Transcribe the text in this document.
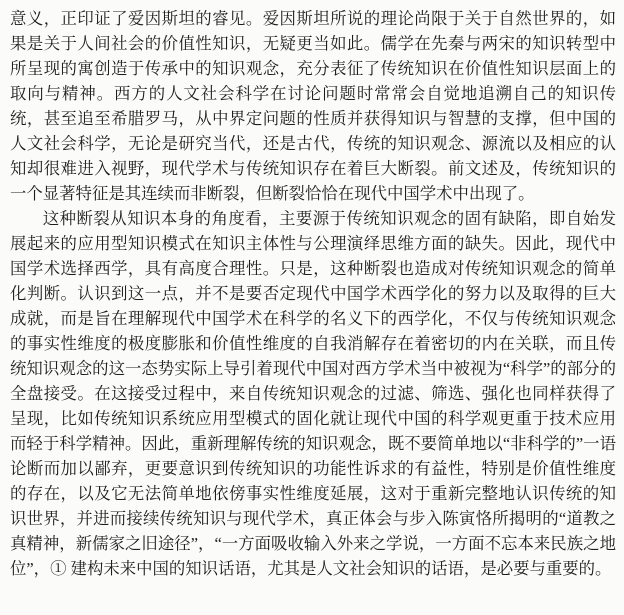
意义，正印证了爱因斯坦的睿见。爱因斯坦所说的理论尚限于关于自然世界的，如果是关于人间社会的价值性知识，无疑更当如此。儒学在先秦与两宋的知识转型中所呈现的寓创造于传承中的知识观念，充分表征了传统知识在价值性知识层面上的取向与精神。西方的人文社会科学在讨论问题时常常会自觉地追溯自己的知识传统，甚至追至希腊罗马，从中界定问题的性质并获得知识与智慧的支撑，但中国的人文社会科学，无论是研究当代，还是古代，传统的知识观念、源流以及相应的认知却很难进入视野，现代学术与传统知识存在着巨大断裂。前文述及，传统知识的一个显著特征是其连续而非断裂，但断裂恰恰在现代中国学术中出现了。

这种断裂从知识本身的角度看，主要源于传统知识观念的固有缺陷，即自始发展起来的应用型知识模式在知识主体性与公理演绎思维方面的缺失。因此，现代中国学术选择西学，具有高度合理性。只是，这种断裂也造成对传统知识观念的简单化判断。认识到这一点，并不是要否定现代中国学术西学化的努力以及取得的巨大成就，而是旨在理解现代中国学术在科学的名义下的西学化，不仅与传统知识观念的事实性维度的极度膨胀和价值性维度的自我消解存在着密切的内在关联，而且传统知识观念的这一态势实际上导引着现代中国对西方学术当中被视为“科学”的部分的全盘接受。在这接受过程中，来自传统知识观念的过滤、筛选、强化也同样获得了呈现，比如传统知识系统应用型模式的固化就让现代中国的科学观更重于技术应用而轻于科学精神。因此，重新理解传统的知识观念，既不要简单地以“非科学的”一语论断而加以鄙弃，更要意识到传统知识的功能性诉求的有益性，特别是价值性维度的存在，以及它无法简单地依傍事实性维度延展，这对于重新完整地认识传统的知识世界，并进而接续传统知识与现代学术，真正体会与步入陈寅恪所揭明的“道教之真精神，新儒家之旧途径”，“一方面吸收输入外来之学说，一方面不忘本来民族之地位”，① 建构未来中国的知识话语，尤其是人文社会知识的话语，是必要与重要的。
